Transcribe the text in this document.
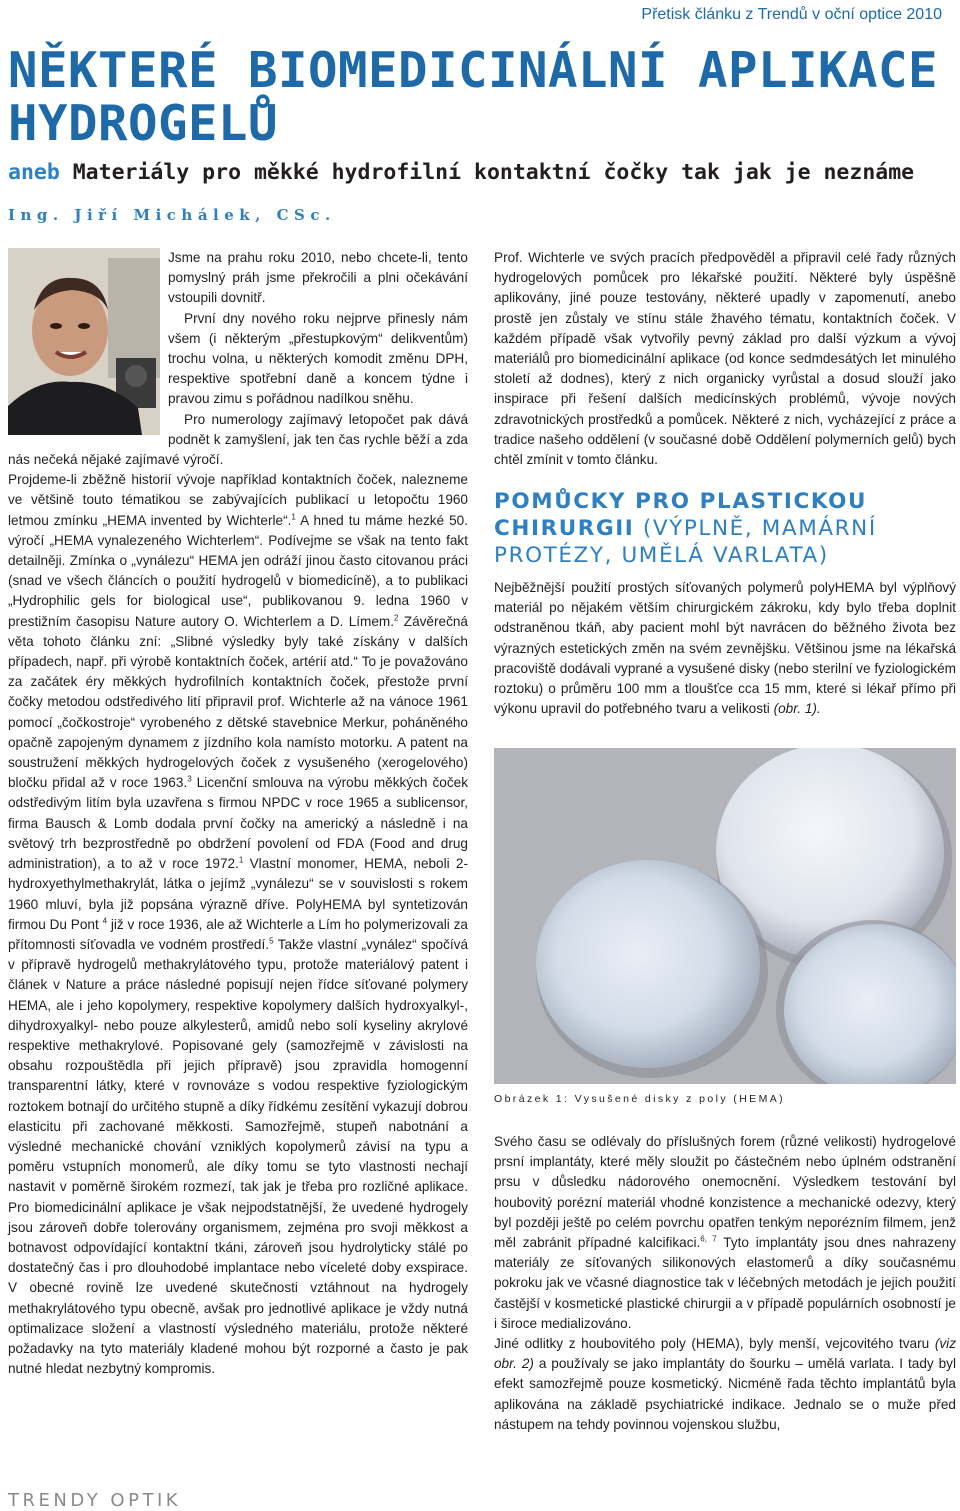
Přetisk článku z Trendů v oční optice 2010
NĚKTERÉ BIOMEDICINÁLNÍ APLIKACE HYDROGELŮ
aneb Materiály pro měkké hydrofilní kontaktní čočky tak jak je neznáme
Ing. Jiří Michálek, CSc.

Jsme na prahu roku 2010, nebo chcete-li, tento pomyslný práh jsme překročili a plni očekávání vstoupili dovnitř.

První dny nového roku nejprve přinesly nám všem (i některým „přestupkovým“ delikventům) trochu volna, u některých komodit změnu DPH, respektive spotřební daně a koncem týdne i pravou zimu s pořádnou nadílkou sněhu.

Pro numerology zajímavý letopočet pak dává podnět k zamyšlení, jak ten čas rychle běží a zda nás nečeká nějaké zajímavé výročí.

Projdeme-li zběžně historií vývoje například kontaktních čoček, nalezneme ve většině touto tématikou se zabývajících publikací u letopočtu 1960 letmou zmínku „HEMA invented by Wichterle“.$^1$ A hned tu máme hezké 50. výročí „HEMA vynalezeného Wichterlem“. Podívejme se však na tento fakt detailněji. Zmínka o „vynálezu“ HEMA jen odráží jinou často citovanou práci (snad ve všech článcích o použití hydrogelů v biomedicíně), a to publikaci „Hydrophilic gels for biological use“, publikovanou 9. ledna 1960 v prestižním časopisu Nature autory O. Wichterlem a D. Límem.$^2$ Závěrečná věta tohoto článku zní: „Slibné výsledky byly také získány v dalších případech, např. při výrobě kontaktních čoček, artérií atd.“ To je považováno za začátek éry měkkých hydrofilních kontaktních čoček, přestože první čočky metodou odstředivého lití připravil prof. Wichterle až na vánoce 1961 pomocí „čočkostroje“ vyrobeného z dětské stavebnice Merkur, poháněného opačně zapojeným dynamem z jízdního kola namísto motorku. A patent na soustružení měkkých hydrogelových čoček z vysušeného (xerogelového) bločku přidal až v roce 1963.$^3$ Licenční smlouva na výrobu měkkých čoček odstředivým litím byla uzavřena s firmou NPDC v roce 1965 a sublicensor, firma Bausch & Lomb dodala první čočky na americký a následně i na světový trh bezprostředně po obdržení povolení od FDA (Food and drug administration), a to až v roce 1972.$^1$ Vlastní monomer, HEMA, neboli 2-hydroxyethylmethakrylát, látka o jejímž „vynálezu“ se v souvislosti s rokem 1960 mluví, byla již popsána výrazně dříve. PolyHEMA byl syntetizován firmou Du Pont $^4$ již v roce 1936, ale až Wichterle a Lím ho polymerizovali za přítomnosti síťovadla ve vodném prostředí.$^5$ Takže vlastní „vynález“ spočívá v přípravě hydrogelů methakrylátového typu, protože materiálový patent i článek v Nature a práce následné popisují nejen řídce síťované polymery HEMA, ale i jeho kopolymery, respektive kopolymery dalších hydroxyalkyl-, dihydroxyalkyl- nebo pouze alkylesterů, amidů nebo solí kyseliny akrylové respektive methakrylové. Popisované gely (samozřejmě v závislosti na obsahu rozpouštědla při jejich přípravě) jsou zpravidla homogenní transparentní látky, které v rovnováze s vodou respektive fyziologickým roztokem botnají do určitého stupně a díky řídkému zesítění vykazují dobrou elasticitu při zachované měkkosti. Samozřejmě, stupeň nabotnání a výsledné mechanické chování vzniklých kopolymerů závisí na typu a poměru vstupních monomerů, ale díky tomu se tyto vlastnosti nechají nastavit v poměrně širokém rozmezí, tak jak je třeba pro rozličné aplikace. Pro biomedicinální aplikace je však nejpodstatnější, že uvedené hydrogely jsou zároveň dobře tolerovány organismem, zejména pro svoji měkkost a botnavost odpovídající kontaktní tkáni, zároveň jsou hydrolyticky stálé po dostatečný čas i pro dlouhodobé implantace nebo víceleté doby exspirace. V obecné rovině lze uvedené skutečnosti vztáhnout na hydrogely methakrylátového typu obecně, avšak pro jednotlivé aplikace je vždy nutná optimalizace složení a vlastností výsledného materiálu, protože některé požadavky na tyto materiály kladené mohou být rozporné a často je pak nutné hledat nezbytný kompromis.

Prof. Wichterle ve svých pracích předpověděl a připravil celé řady různých hydrogelových pomůcek pro lékařské použití. Některé byly úspěšně aplikovány, jiné pouze testovány, některé upadly v zapomenutí, anebo prostě jen zůstaly ve stínu stále žhavého tématu, kontaktních čoček. V každém případě však vytvořily pevný základ pro další výzkum a vývoj materiálů pro biomedicinální aplikace (od konce sedmdesátých let minulého století až dodnes), který z nich organicky vyrůstal a dosud slouží jako inspirace při řešení dalších medicínských problémů, vývoje nových zdravotnických prostředků a pomůcek. Některé z nich, vycházející z práce a tradice našeho oddělení (v současné době Oddělení polymerních gelů) bych chtěl zmínit v tomto článku.

POMŮCKY PRO PLASTICKOU CHIRURGII (VÝPLNĚ, MAMÁRNÍ PROTÉZY, UMĚLÁ VARLATA)
Nejběžnější použití prostých síťovaných polymerů polyHEMA byl výplňový materiál po nějakém větším chirurgickém zákroku, kdy bylo třeba doplnit odstraněnou tkáň, aby pacient mohl být navrácen do běžného života bez výrazných estetických změn na svém zevnějšku. Většinou jsme na lékařská pracoviště dodávali vyprané a vysušené disky (nebo sterilní ve fyziologickém roztoku) o průměru 100 mm a tloušťce cca 15 mm, které si lékař přímo při výkonu upravil do potřebného tvaru a velikosti (obr. 1).
Obrázek 1: Vysušené disky z poly (HEMA)

Svého času se odlévaly do příslušných forem (různé velikosti) hydrogelové prsní implantáty, které měly sloužit po částečném nebo úplném odstranění prsu v důsledku nádorového onemocnění. Výsledkem testování byl houbovitý porézní materiál vhodné konzistence a mechanické odezvy, který byl později ještě po celém povrchu opatřen tenkým neporézním filmem, jenž měl zabránit případné kalcifikaci.$^{6, 7}$ Tyto implantáty jsou dnes nahrazeny materiály ze síťovaných silikonových elastomerů a díky současnému pokroku jak ve včasné diagnostice tak v léčebných metodách je jejich použití častější v kosmetické plastické chirurgii a v případě populárních osobností je i široce medializováno.

Jiné odlitky z houbovitého poly (HEMA), byly menší, vejcovitého tvaru (viz obr. 2) a používaly se jako implantáty do šourku – umělá varlata. I tady byl efekt samozřejmě pouze kosmetický. Nicméně řada těchto implantátů byla aplikována na základě psychiatrické indikace. Jednalo se o muže před nástupem na tehdy povinnou vojenskou službu,

TRENDY OPTIK
